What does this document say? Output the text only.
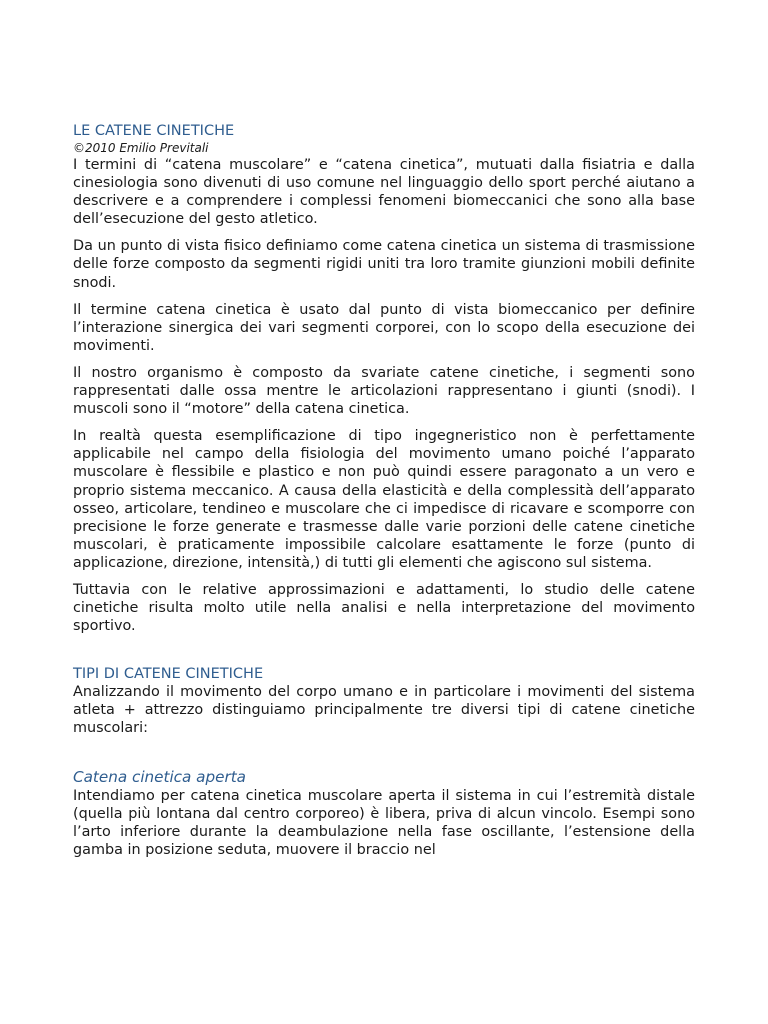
LE CATENE CINETICHE

©2010 Emilio Previtali

I termini di “catena muscolare” e “catena cinetica”, mutuati dalla fisiatria e dalla cinesiologia sono divenuti di uso comune nel linguaggio dello sport perché aiutano a descrivere e a comprendere i complessi fenomeni biomeccanici che sono alla base dell’esecuzione del gesto atletico.

Da un punto di vista fisico definiamo come catena cinetica un sistema di trasmissione delle forze composto da segmenti rigidi uniti tra loro tramite giunzioni mobili definite snodi.

Il termine catena cinetica è usato dal punto di vista biomeccanico per definire l’interazione sinergica dei vari segmenti corporei, con lo scopo della esecuzione dei movimenti.

Il nostro organismo è composto da svariate catene cinetiche, i segmenti sono rappresentati dalle ossa mentre le articolazioni rappresentano i giunti (snodi). I muscoli sono il “motore” della catena cinetica.

In realtà questa esemplificazione di tipo ingegneristico non è perfettamente applicabile nel campo della fisiologia del movimento umano poiché l’apparato muscolare è flessibile e plastico e non può quindi essere paragonato a un vero e proprio sistema meccanico. A causa della elasticità e della complessità dell’apparato osseo, articolare, tendineo e muscolare che ci impedisce di ricavare e scomporre con precisione le forze generate e trasmesse dalle varie porzioni delle catene cinetiche muscolari, è praticamente impossibile calcolare esattamente le forze (punto di applicazione, direzione, intensità,) di tutti gli elementi che agiscono sul sistema.

Tuttavia con le relative approssimazioni e adattamenti, lo studio delle catene cinetiche risulta molto utile nella analisi e nella interpretazione del movimento sportivo.

TIPI DI CATENE CINETICHE

Analizzando il movimento del corpo umano e in particolare i movimenti del sistema atleta + attrezzo distinguiamo principalmente tre diversi tipi di catene cinetiche muscolari:

Catena cinetica aperta

Intendiamo per catena cinetica muscolare aperta il sistema in cui l’estremità distale (quella più lontana dal centro corporeo) è libera, priva di alcun vincolo. Esempi sono l’arto inferiore durante la deambulazione nella fase oscillante, l’estensione della gamba in posizione seduta, muovere il braccio nel
